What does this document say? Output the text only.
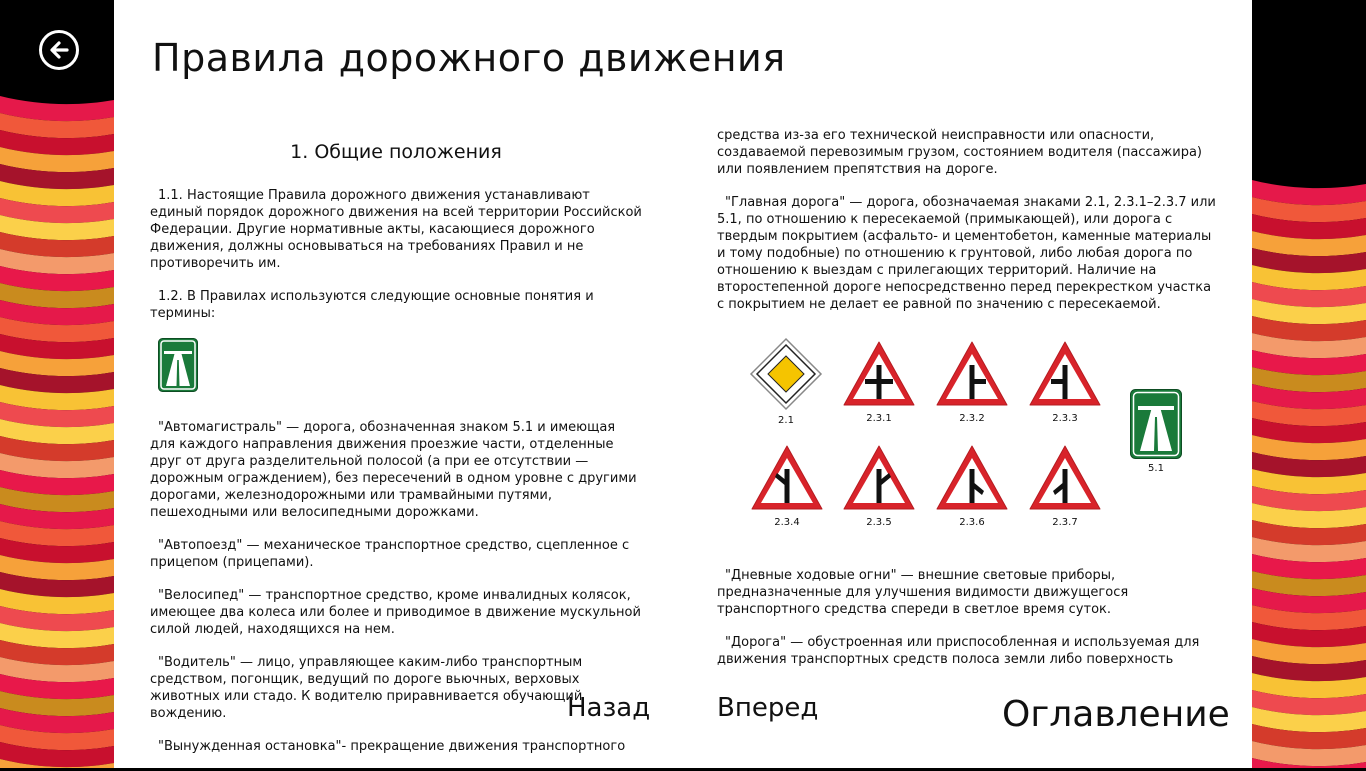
Правила дорожного движения

1. Общие положения

1.1. Настоящие Правила дорожного движения устанавливают единый порядок дорожного движения на всей территории Российской Федерации. Другие нормативные акты, касающиеся дорожного движения, должны основываться на требованиях Правил и не противоречить им.

1.2. В Правилах используются следующие основные понятия и термины:

"Автомагистраль" — дорога, обозначенная знаком 5.1 и имеющая для каждого направления движения проезжие части, отделенные друг от друга разделительной полосой (а при ее отсутствии — дорожным ограждением), без пересечений в одном уровне с другими дорогами, железнодорожными или трамвайными путями, пешеходными или велосипедными дорожками.

"Автопоезд" — механическое транспортное средство, сцепленное с прицепом (прицепами).

"Велосипед" — транспортное средство, кроме инвалидных колясок, имеющее два колеса или более и приводимое в движение мускульной силой людей, находящихся на нем.

"Водитель" — лицо, управляющее каким-либо транспортным средством, погонщик, ведущий по дороге вьючных, верховых животных или стадо. К водителю приравнивается обучающий вождению.

"Вынужденная остановка"- прекращение движения транспортного

средства из-за его технической неисправности или опасности, создаваемой перевозимым грузом, состоянием водителя (пассажира) или появлением препятствия на дороге.

"Главная дорога" — дорога, обозначаемая знаками 2.1, 2.3.1–2.3.7 или 5.1, по отношению к пересекаемой (примыкающей), или дорога с твердым покрытием (асфальто- и цементобетон, каменные материалы и тому подобные) по отношению к грунтовой, либо любая дорога по отношению к выездам с прилегающих территорий. Наличие на второстепенной дороге непосредственно перед перекрестком участка с покрытием не делает ее равной по значению с пересекаемой.

2.1	2.3.1	2.3.2	2.3.3
5.1
2.3.4	2.3.5	2.3.6	2.3.7

"Дневные ходовые огни" — внешние световые приборы, предназначенные для улучшения видимости движущегося транспортного средства спереди в светлое время суток.

"Дорога" — обустроенная или приспособленная и используемая для движения транспортных средств полоса земли либо поверхность

Назад	Вперед	Оглавление
